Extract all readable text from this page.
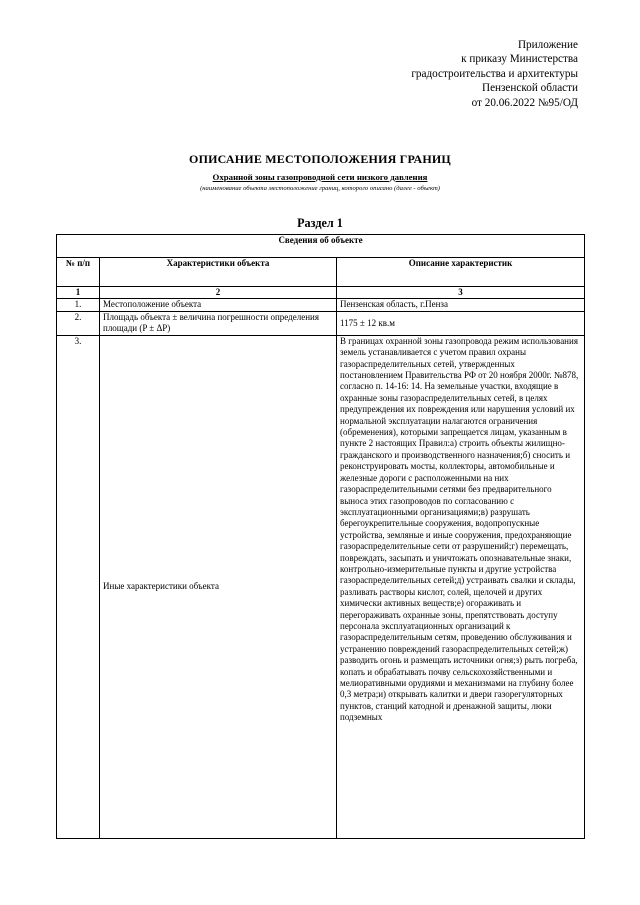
Приложение
к приказу Министерства
градостроительства и архитектуры
Пензенской области
от 20.06.2022 №95/ОД
ОПИСАНИЕ МЕСТОПОЛОЖЕНИЯ ГРАНИЦ
Охранной зоны газопроводной сети низкого давления
(наименование объекта местоположение границ, которого описано (далее - объект)
Раздел 1
Сведения об объекте		
№ п/п	Характеристики объекта	Описание характеристик
1	2	3
1.	Местоположение объекта	Пензенская область, г.Пенза
2.	Площадь объекта ± величина погрешности определения площади (P ± ΔP)	1175 ± 12 кв.м
3.	Иные характеристики объекта	В границах охранной зоны газопровода режим использования земель устанавливается с учетом правил охраны газораспределительных сетей, утвержденных постановлением Правительства РФ от 20 ноября 2000г. №878, согласно п. 14-16: 14. На земельные участки, входящие в охранные зоны газораспределительных сетей, в целях предупреждения их повреждения или нарушения условий их нормальной эксплуатации налагаются ограничения (обременения), которыми запрещается лицам, указанным в пункте 2 настоящих Правил:а) строить объекты жилищно-гражданского и производственного назначения;б) сносить и реконструировать мосты, коллекторы, автомобильные и железные дороги с расположенными на них газораспределительными сетями без предварительного выноса этих газопроводов по согласованию с эксплуатационными организациями;в) разрушать берегоукрепительные сооружения, водопропускные устройства, земляные и иные сооружения, предохраняющие газораспределительные сети от разрушений;г) перемещать, повреждать, засыпать и уничтожать опознавательные знаки, контрольно-измерительные пункты и другие устройства газораспределительных сетей;д) устраивать свалки и склады, разливать растворы кислот, солей, щелочей и других химически активных веществ;е) огораживать и перегораживать охранные зоны, препятствовать доступу персонала эксплуатационных организаций к газораспределительным сетям, проведению обслуживания и устранению повреждений газораспределительных сетей;ж) разводить огонь и размещать источники огня;з) рыть погреба, копать и обрабатывать почву сельскохозяйственными и мелиоративными орудиями и механизмами на глубину более 0,3 метра;и) открывать калитки и двери газорегуляторных пунктов, станций катодной и дренажной защиты, люки подземных
